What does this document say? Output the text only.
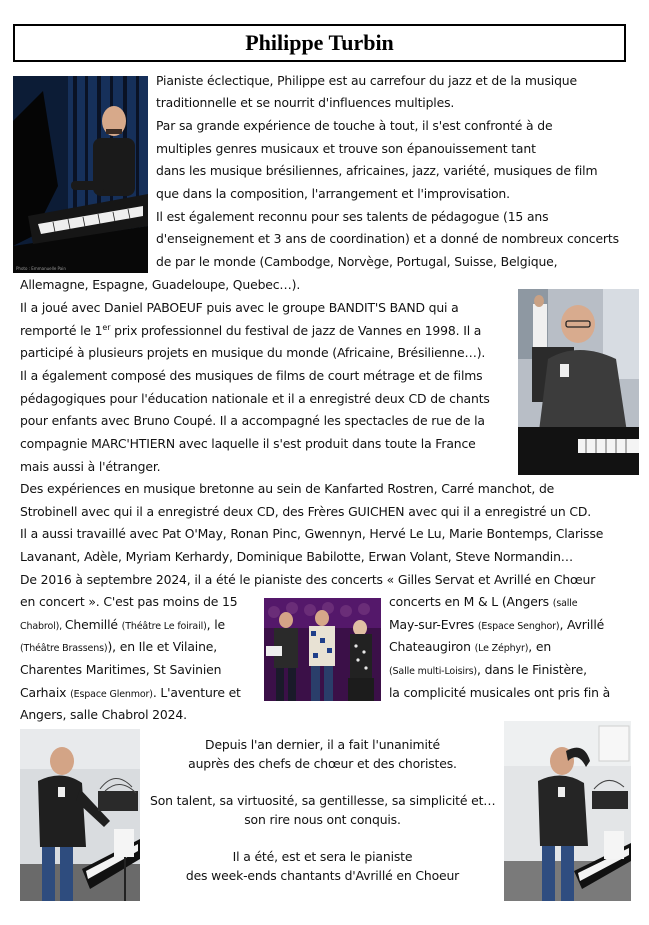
Philippe Turbin
Photo : Emmanuelle Pain
Pianiste éclectique, Philippe est au carrefour du jazz et de la musique
traditionnelle et se nourrit d'influences multiples.
Par sa grande expérience de touche à tout, il s'est confronté à de
multiples genres musicaux et trouve son épanouissement tant
dans les musique brésiliennes, africaines, jazz, variété, musiques de film
que dans la composition, l'arrangement et l'improvisation.
Il est également reconnu pour ses talents de pédagogue (15 ans
d'enseignement et 3 ans de coordination) et a donné de nombreux concerts
de par le monde (Cambodge, Norvège, Portugal, Suisse, Belgique,
Allemagne, Espagne, Guadeloupe, Quebec…).
Il a joué avec Daniel PABOEUF puis avec le groupe BANDIT'S BAND qui a
remporté le 1er prix professionnel du festival de jazz de Vannes en 1998. Il a
participé à plusieurs projets en musique du monde (Africaine, Brésilienne…).
Il a également composé des musiques de films de court métrage et de films
pédagogiques pour l'éducation nationale et il a enregistré deux CD de chants
pour enfants avec Bruno Coupé. Il a accompagné les spectacles de rue de la
compagnie MARC'HTIERN avec laquelle il s'est produit dans toute la France
mais aussi à l'étranger.
Des expériences en musique bretonne au sein de Kanfarted Rostren, Carré manchot, de
Strobinell avec qui il a enregistré deux CD, des Frères GUICHEN avec qui il a enregistré un CD.
Il a aussi travaillé avec Pat O'May, Ronan Pinc, Gwennyn, Hervé Le Lu, Marie Bontemps, Clarisse
Lavanant, Adèle, Myriam Kerhardy, Dominique Babilotte, Erwan Volant, Steve Normandin…
De 2016 à septembre 2024, il a été le pianiste des concerts « Gilles Servat et Avrillé en Chœur
en concert ». C'est pas moins de 15	concerts en M & L (Angers (salle
Chabrol), Chemillé (Théâtre Le foirail), le	May-sur-Evres (Espace Senghor), Avrillé
(Théâtre Brassens)), en Ile et Vilaine,	Chateaugiron (Le Zéphyr), en
Charentes Maritimes, St Savinien	(Salle multi-Loisirs), dans le Finistère,
Carhaix (Espace Glenmor). L'aventure et	la complicité musicales ont pris fin à
Angers, salle Chabrol 2024.
Depuis l'an dernier, il a fait l'unanimité
auprès des chefs de chœur et des choristes.
Son talent, sa virtuosité, sa gentillesse, sa simplicité et…
son rire nous ont conquis.
Il a été, est et sera le pianiste
des week-ends chantants d'Avrillé en Choeur
